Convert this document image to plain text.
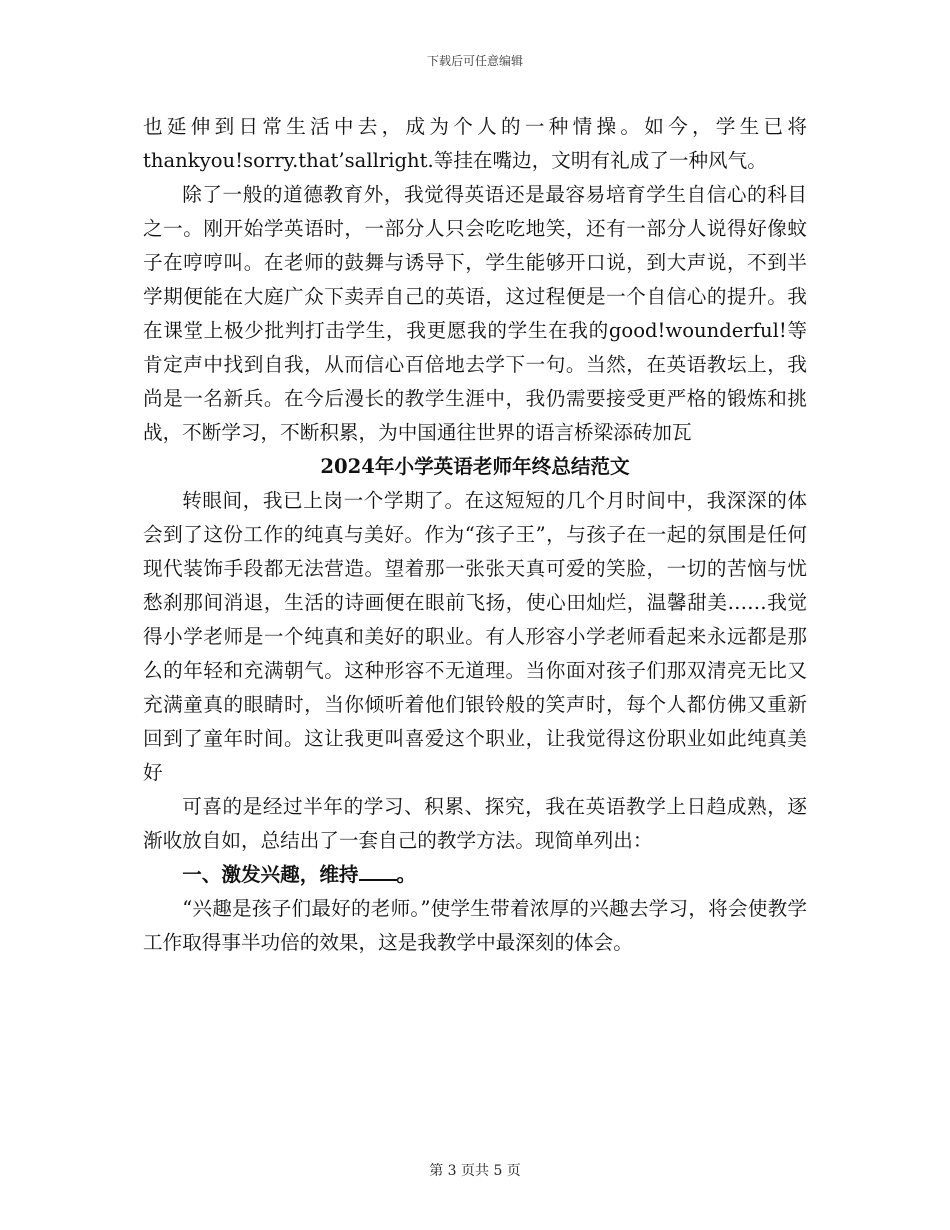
下载后可任意编辑

也延伸到日常生活中去，成为个人的一种情操。如今，学生已将thankyou!sorry.that’sallright.等挂在嘴边，文明有礼成了一种风气。

除了一般的道德教育外，我觉得英语还是最容易培育学生自信心的科目之一。刚开始学英语时，一部分人只会吃吃地笑，还有一部分人说得好像蚊子在哼哼叫。在老师的鼓舞与诱导下，学生能够开口说，到大声说，不到半学期便能在大庭广众下卖弄自己的英语，这过程便是一个自信心的提升。我在课堂上极少批判打击学生，我更愿我的学生在我的good!wounderful!等肯定声中找到自我，从而信心百倍地去学下一句。当然，在英语教坛上，我尚是一名新兵。在今后漫长的教学生涯中，我仍需要接受更严格的锻炼和挑战，不断学习，不断积累，为中国通往世界的语言桥梁添砖加瓦

2024年小学英语老师年终总结范文

转眼间，我已上岗一个学期了。在这短短的几个月时间中，我深深的体会到了这份工作的纯真与美好。作为“孩子王”，与孩子在一起的氛围是任何现代装饰手段都无法营造。望着那一张张天真可爱的笑脸，一切的苦恼与忧愁刹那间消退，生活的诗画便在眼前飞扬，使心田灿烂，温馨甜美……我觉得小学老师是一个纯真和美好的职业。有人形容小学老师看起来永远都是那么的年轻和充满朝气。这种形容不无道理。当你面对孩子们那双清亮无比又充满童真的眼睛时，当你倾听着他们银铃般的笑声时，每个人都仿佛又重新回到了童年时间。这让我更叫喜爱这个职业，让我觉得这份职业如此纯真美好

可喜的是经过半年的学习、积累、探究，我在英语教学上日趋成熟，逐渐收放自如，总结出了一套自己的教学方法。现简单列出：

一、激发兴趣，维持 。

“兴趣是孩子们最好的老师。”使学生带着浓厚的兴趣去学习，将会使教学工作取得事半功倍的效果，这是我教学中最深刻的体会。

第 3 页共 5 页
